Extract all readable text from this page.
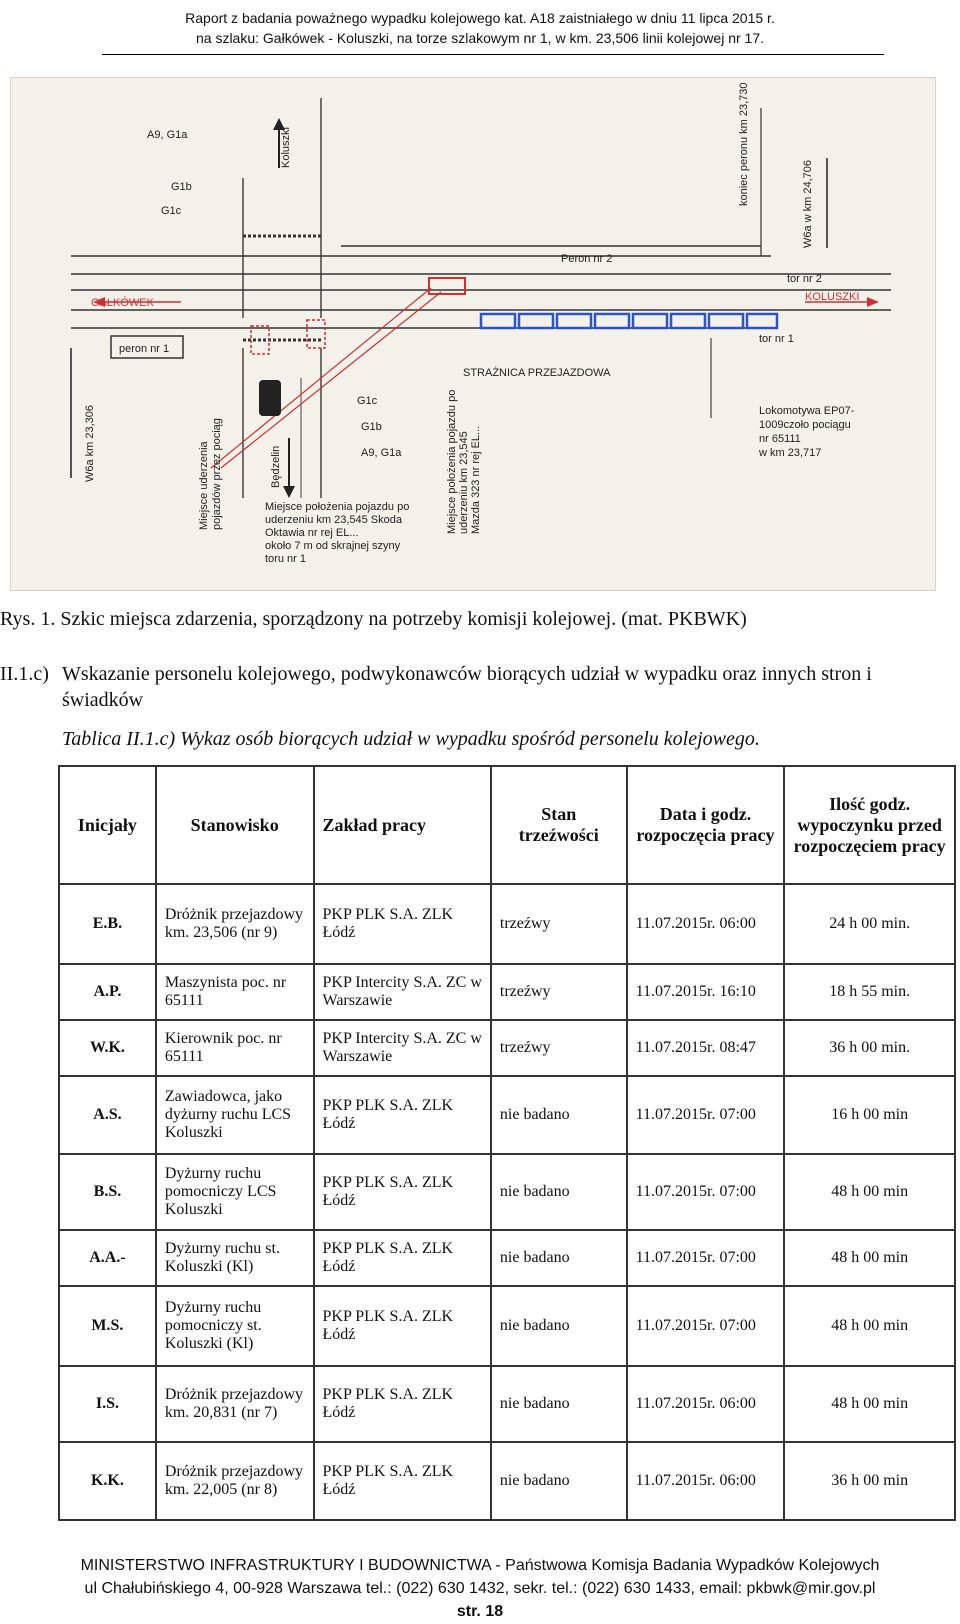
Raport z badania poważnego wypadku kolejowego kat. A18 zaistniałego w dniu 11 lipca 2015 r.
na szlaku: Gałkówek - Koluszki, na torze szlakowym nr 1, w km. 23,506 linii kolejowej nr 17.
A9, G1a
G1b
G1c
Koluszki	koniec peronu km 23,730	W6a w km 24,706
Peron nr 2
tor nr 2
GAŁKÓWEK	KOLUSZKI
peron nr 1
tor nr 1
W6a km 23,306
STRAŻNICA PRZEJAZDOWA
G1c
G1b
A9, G1a
Lokomotywa EP07-
1009czoło pociągu
nr 65111
w km 23,717
Miejsce uderzenia pojazdów przez pociąg	Będzelin
Miejsce położenia pojazdu po
uderzeniu km 23,545 Skoda
Oktawia nr rej EL...
około 7 m od skrajnej szyny
toru nr 1
Miejsce położenia pojazdu po uderzeniu km 23,545 Mazda 323 nr rej EL...
Rys. 1. Szkic miejsca zdarzenia, sporządzony na potrzeby komisji kolejowej. (mat. PKBWK)
II.1.c) Wskazanie personelu kolejowego, podwykonawców biorących udział w wypadku oraz innych stron i świadków
Tablica II.1.c) Wykaz osób biorących udział w wypadku spośród personelu kolejowego.
Inicjały	Stanowisko	Zakład pracy	Stan trzeźwości	Data i godz. rozpoczęcia pracy	Ilość godz. wypoczynku przed rozpoczęciem pracy
E.B.	Dróżnik przejazdowy km. 23,506 (nr 9)	PKP PLK S.A. ZLK Łódź	trzeźwy	11.07.2015r. 06:00	24 h 00 min.
A.P.	Maszynista poc. nr 65111	PKP Intercity S.A. ZC w Warszawie	trzeźwy	11.07.2015r. 16:10	18 h 55 min.
W.K.	Kierownik poc. nr 65111	PKP Intercity S.A. ZC w Warszawie	trzeźwy	11.07.2015r. 08:47	36 h 00 min.
A.S.	Zawiadowca, jako dyżurny ruchu LCS Koluszki	PKP PLK S.A. ZLK Łódź	nie badano	11.07.2015r. 07:00	16 h 00 min
B.S.	Dyżurny ruchu pomocniczy LCS Koluszki	PKP PLK S.A. ZLK Łódź	nie badano	11.07.2015r. 07:00	48 h 00 min
A.A.-	Dyżurny ruchu st. Koluszki (Kl)	PKP PLK S.A. ZLK Łódź	nie badano	11.07.2015r. 07:00	48 h 00 min
M.S.	Dyżurny ruchu pomocniczy st. Koluszki (Kl)	PKP PLK S.A. ZLK Łódź	nie badano	11.07.2015r. 07:00	48 h 00 min
I.S.	Dróżnik przejazdowy km. 20,831 (nr 7)	PKP PLK S.A. ZLK Łódź	nie badano	11.07.2015r. 06:00	48 h 00 min
K.K.	Dróżnik przejazdowy km. 22,005 (nr 8)	PKP PLK S.A. ZLK Łódź	nie badano	11.07.2015r. 06:00	36 h 00 min
MINISTERSTWO INFRASTRUKTURY I BUDOWNICTWA - Państwowa Komisja Badania Wypadków Kolejowych
ul Chałubińskiego 4, 00-928 Warszawa tel.: (022) 630 1432, sekr. tel.: (022) 630 1433, email: pkbwk@mir.gov.pl
str. 18
